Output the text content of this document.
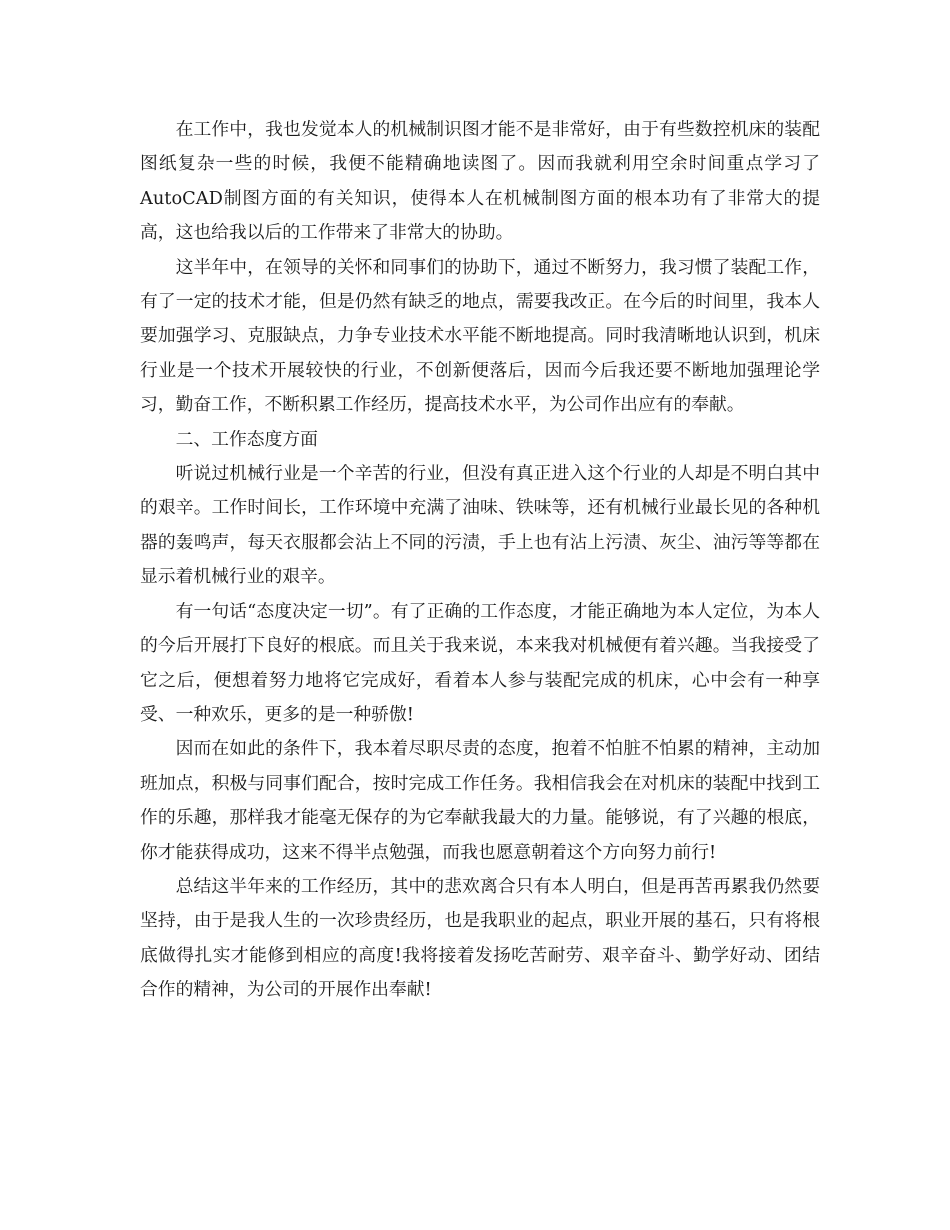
在工作中，我也发觉本人的机械制识图才能不是非常好，由于有些数控机床的装配图纸复杂一些的时候，我便不能精确地读图了。因而我就利用空余时间重点学习了AutoCAD制图方面的有关知识，使得本人在机械制图方面的根本功有了非常大的提高，这也给我以后的工作带来了非常大的协助。

这半年中，在领导的关怀和同事们的协助下，通过不断努力，我习惯了装配工作，有了一定的技术才能，但是仍然有缺乏的地点，需要我改正。在今后的时间里，我本人要加强学习、克服缺点，力争专业技术水平能不断地提高。同时我清晰地认识到，机床行业是一个技术开展较快的行业，不创新便落后，因而今后我还要不断地加强理论学习，勤奋工作，不断积累工作经历，提高技术水平，为公司作出应有的奉献。

二、工作态度方面

听说过机械行业是一个辛苦的行业，但没有真正进入这个行业的人却是不明白其中的艰辛。工作时间长，工作环境中充满了油味、铁味等，还有机械行业最长见的各种机器的轰鸣声，每天衣服都会沾上不同的污渍，手上也有沾上污渍、灰尘、油污等等都在显示着机械行业的艰辛。

有一句话“态度决定一切”。有了正确的工作态度，才能正确地为本人定位，为本人的今后开展打下良好的根底。而且关于我来说，本来我对机械便有着兴趣。当我接受了它之后，便想着努力地将它完成好，看着本人参与装配完成的机床，心中会有一种享受、一种欢乐，更多的是一种骄傲!

因而在如此的条件下，我本着尽职尽责的态度，抱着不怕脏不怕累的精神，主动加班加点，积极与同事们配合，按时完成工作任务。我相信我会在对机床的装配中找到工作的乐趣，那样我才能毫无保存的为它奉献我最大的力量。能够说，有了兴趣的根底，你才能获得成功，这来不得半点勉强，而我也愿意朝着这个方向努力前行!

总结这半年来的工作经历，其中的悲欢离合只有本人明白，但是再苦再累我仍然要坚持，由于是我人生的一次珍贵经历，也是我职业的起点，职业开展的基石，只有将根底做得扎实才能修到相应的高度!我将接着发扬吃苦耐劳、艰辛奋斗、勤学好动、团结合作的精神，为公司的开展作出奉献!
